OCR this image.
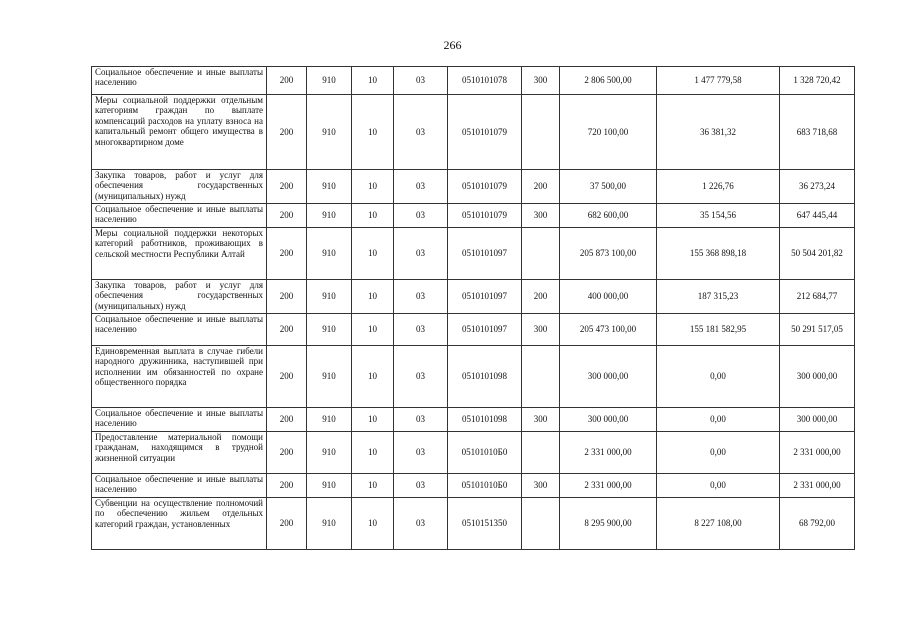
266
Социальное обеспечение и иные выплаты населению	200	910	10	03	0510101078	300	2 806 500,00	1 477 779,58	1 328 720,42
Меры социальной поддержки отдельным категориям граждан по выплате компенсаций расходов на уплату взноса на капитальный ремонт общего имущества в многоквартирном доме	200	910	10	03	0510101079		720 100,00	36 381,32	683 718,68
Закупка товаров, работ и услуг для обеспечения государственных (муниципальных) нужд	200	910	10	03	0510101079	200	37 500,00	1 226,76	36 273,24
Социальное обеспечение и иные выплаты населению	200	910	10	03	0510101079	300	682 600,00	35 154,56	647 445,44
Меры социальной поддержки некоторых категорий работников, проживающих в сельской местности Республики Алтай	200	910	10	03	0510101097		205 873 100,00	155 368 898,18	50 504 201,82
Закупка товаров, работ и услуг для обеспечения государственных (муниципальных) нужд	200	910	10	03	0510101097	200	400 000,00	187 315,23	212 684,77
Социальное обеспечение и иные выплаты населению	200	910	10	03	0510101097	300	205 473 100,00	155 181 582,95	50 291 517,05
Единовременная выплата в случае гибели народного дружинника, наступившей при исполнении им обязанностей по охране общественного порядка	200	910	10	03	0510101098		300 000,00	0,00	300 000,00
Социальное обеспечение и иные выплаты населению	200	910	10	03	0510101098	300	300 000,00	0,00	300 000,00
Предоставление материальной помощи гражданам, находящимся в трудной жизненной ситуации	200	910	10	03	05101010Б0		2 331 000,00	0,00	2 331 000,00
Социальное обеспечение и иные выплаты населению	200	910	10	03	05101010Б0	300	2 331 000,00	0,00	2 331 000,00
Субвенции на осуществление полномочий по обеспечению жильем отдельных категорий граждан, установленных	200	910	10	03	0510151350		8 295 900,00	8 227 108,00	68 792,00
